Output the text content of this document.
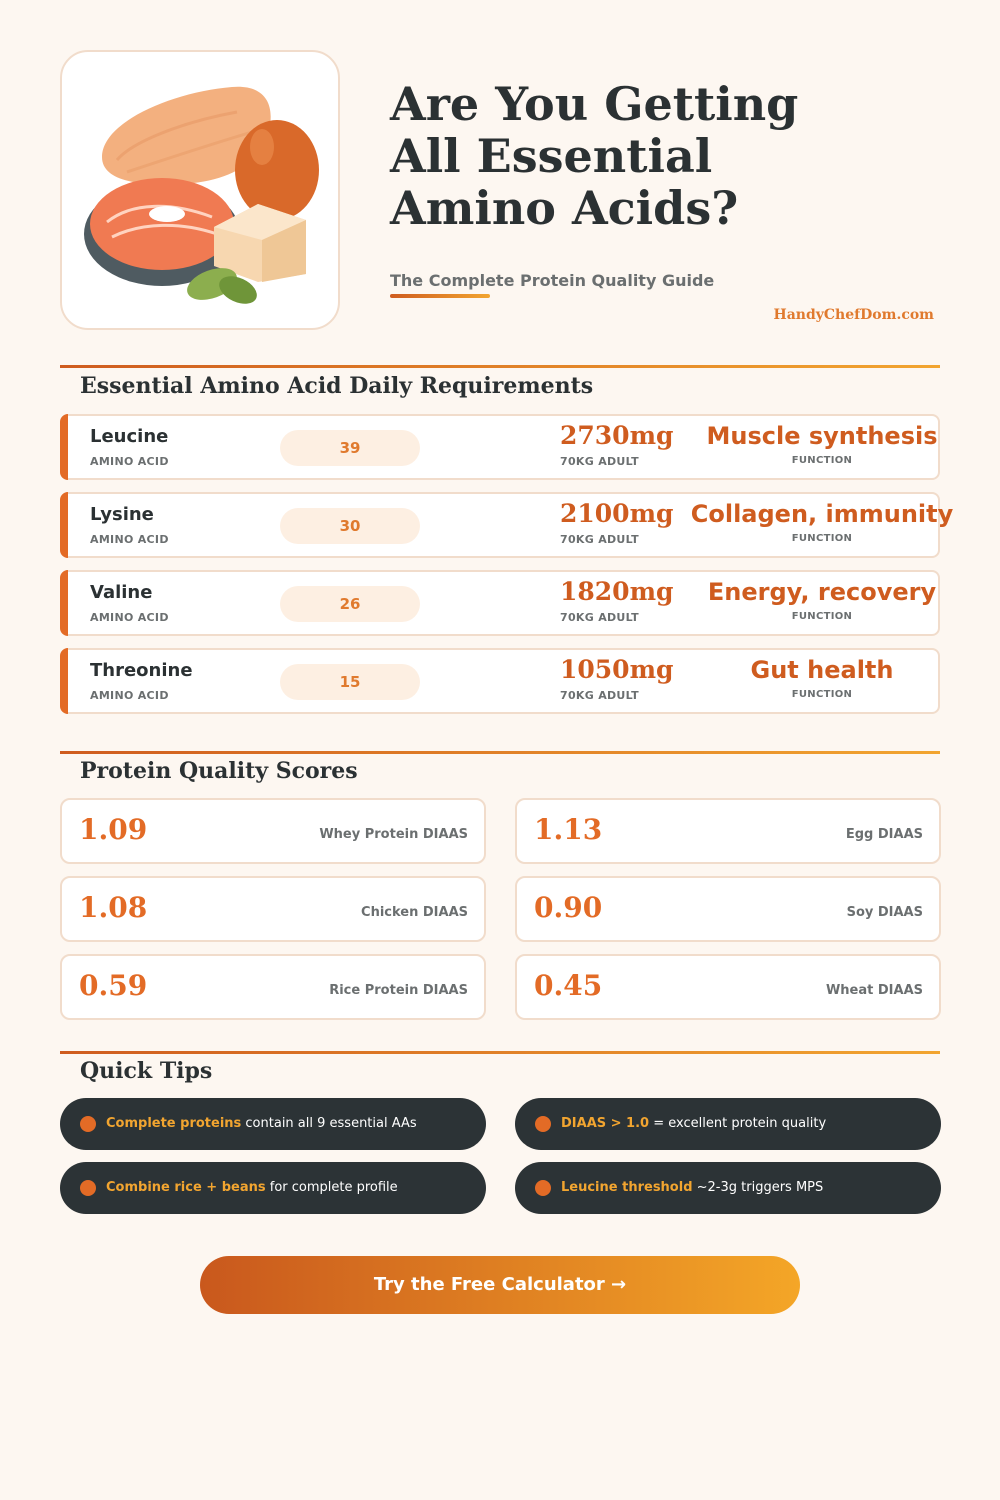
Are You Getting
All Essential
Amino Acids?
The Complete Protein Quality Guide
HandyChefDom.com
Essential Amino Acid Daily Requirements
Leucine
AMINO ACID
39	2730mg
70KG ADULT
Muscle synthesis
FUNCTION
Lysine
AMINO ACID
30	2100mg
70KG ADULT
Collagen, immunity
FUNCTION
Valine
AMINO ACID
26	1820mg
70KG ADULT
Energy, recovery
FUNCTION
Threonine
AMINO ACID
15	1050mg
70KG ADULT
Gut health
FUNCTION
Protein Quality Scores
1.09	Whey Protein DIAAS 1.13	Egg DIAAS
1.08	Chicken DIAAS 0.90	Soy DIAAS
0.59	Rice Protein DIAAS 0.45	Wheat DIAAS
Quick Tips
Complete proteins contain all 9 essential AAs	DIAAS > 1.0 = excellent protein quality
Combine rice + beans for complete profile	Leucine threshold ~2-3g triggers MPS
Try the Free Calculator →
